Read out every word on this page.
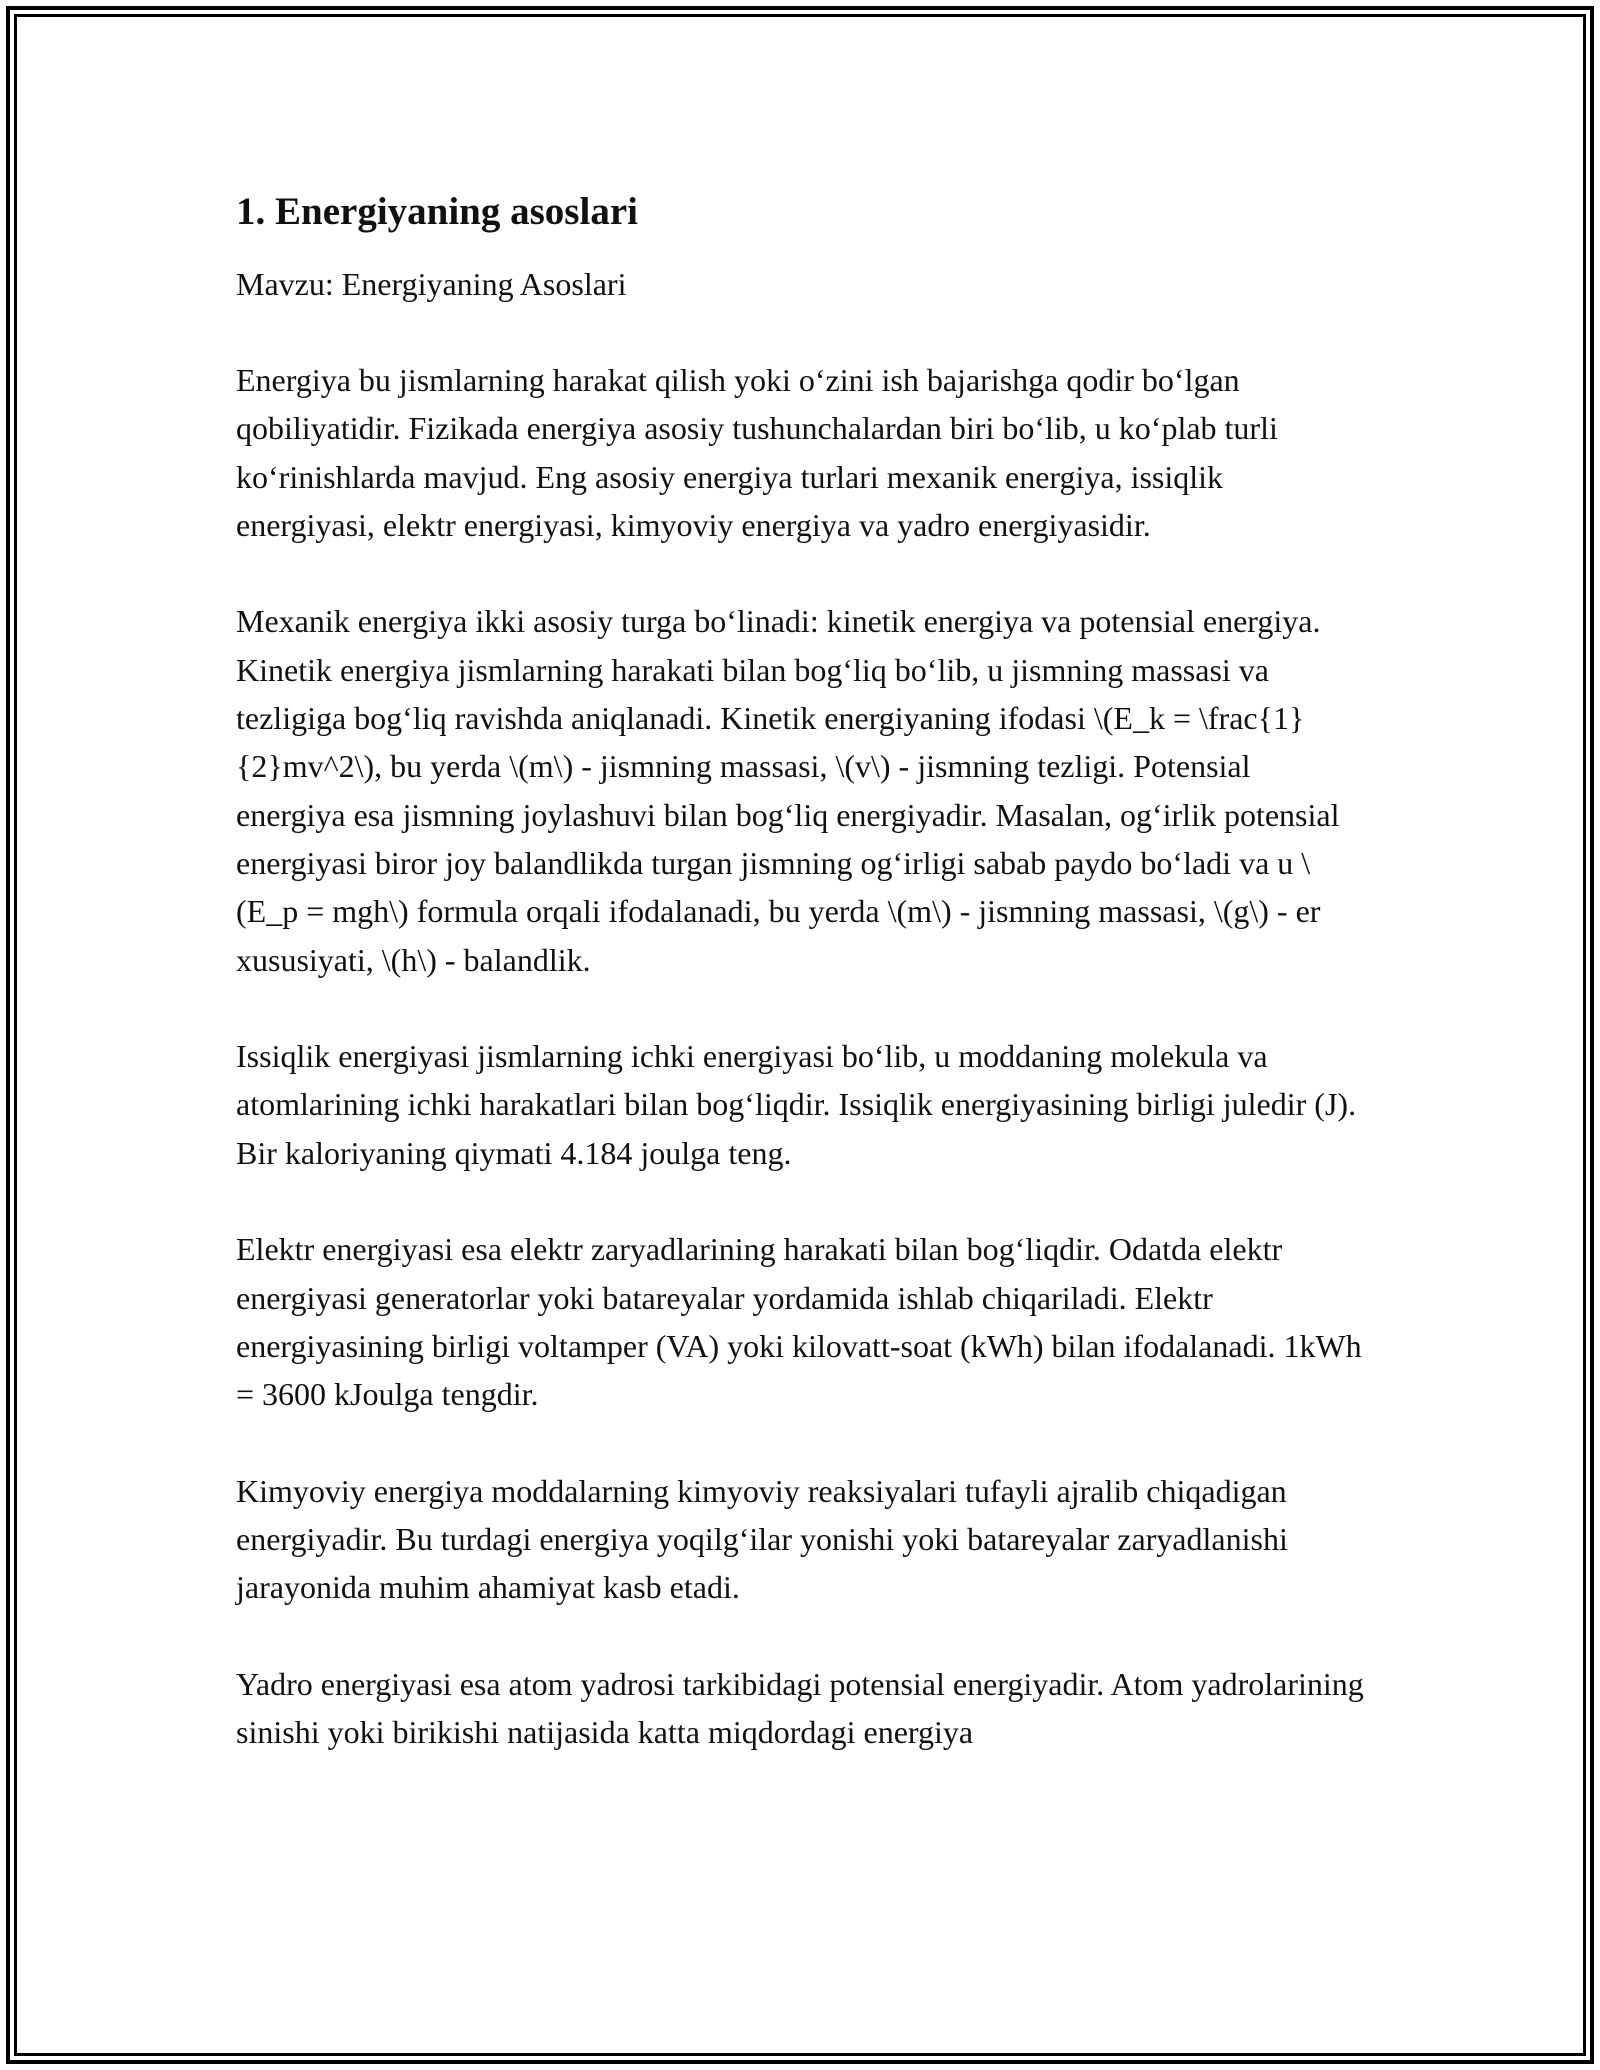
1. Energiyaning asoslari
Mavzu: Energiyaning Asoslari

Energiya bu jismlarning harakat qilish yoki o‘zini ish bajarishga qodir bo‘lgan qobiliyatidir. Fizikada energiya asosiy tushunchalardan biri bo‘lib, u ko‘plab turli ko‘rinishlarda mavjud. Eng asosiy energiya turlari mexanik energiya, issiqlik energiyasi, elektr energiyasi, kimyoviy energiya va yadro energiyasidir.

Mexanik energiya ikki asosiy turga bo‘linadi: kinetik energiya va potensial energiya. Kinetik energiya jismlarning harakati bilan bog‘liq bo‘lib, u jismning massasi va tezligiga bog‘liq ravishda aniqlanadi. Kinetik energiyaning ifodasi \(E_k = \frac{1}{2}mv^2\), bu yerda \(m\) - jismning massasi, \(v\) - jismning tezligi. Potensial energiya esa jismning joylashuvi bilan bog‘liq energiyadir. Masalan, og‘irlik potensial energiyasi biror joy balandlikda turgan jismning og‘irligi sabab paydo bo‘ladi va u \(E_p = mgh\) formula orqali ifodalanadi, bu yerda \(m\) - jismning massasi, \(g\) - er xususiyati, \(h\) - balandlik.

Issiqlik energiyasi jismlarning ichki energiyasi bo‘lib, u moddaning molekula va atomlarining ichki harakatlari bilan bog‘liqdir. Issiqlik energiyasining birligi juledir (J). Bir kaloriyaning qiymati 4.184 joulga teng.

Elektr energiyasi esa elektr zaryadlarining harakati bilan bog‘liqdir. Odatda elektr energiyasi generatorlar yoki batareyalar yordamida ishlab chiqariladi. Elektr energiyasining birligi voltamper (VA) yoki kilovatt-soat (kWh) bilan ifodalanadi. 1kWh = 3600 kJoulga tengdir.

Kimyoviy energiya moddalarning kimyoviy reaksiyalari tufayli ajralib chiqadigan energiyadir. Bu turdagi energiya yoqilg‘ilar yonishi yoki batareyalar zaryadlanishi jarayonida muhim ahamiyat kasb etadi.

Yadro energiyasi esa atom yadrosi tarkibidagi potensial energiyadir. Atom yadrolarining sinishi yoki birikishi natijasida katta miqdordagi energiya
